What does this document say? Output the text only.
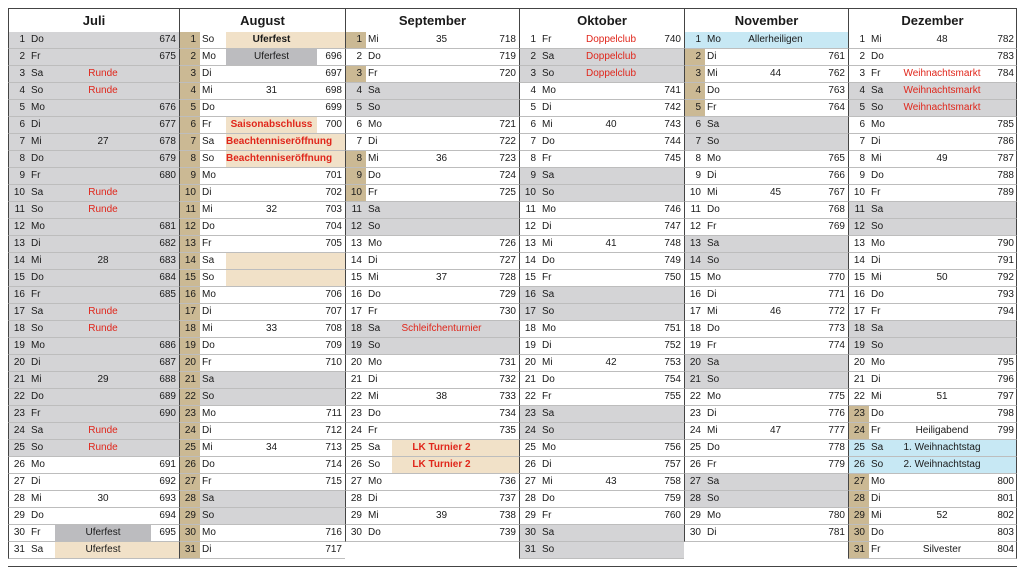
Juli
1 Do	674
2 Fr	675
3 Sa	Runde
4 So	Runde
5 Mo	676
6 Di	677
7 Mi	27	678
8 Do	679
9 Fr	680
10 Sa	Runde
11 So	Runde
12 Mo	681
13 Di	682
14 Mi	28	683
15 Do	684
16 Fr	685
17 Sa	Runde
18 So	Runde
19 Mo	686
20 Di	687
21 Mi	29	688
22 Do	689
23 Fr	690
24 Sa	Runde
25 So	Runde
26 Mo	691
27 Di	692
28 Mi	30	693
29 Do	694
30 Fr	Uferfest	695
31 Sa	Uferfest
August
1 So	Uferfest
2 Mo	Uferfest	696
3 Di	697
4 Mi	31	698
5 Do	699
6 Fr	Saisonabschluss	700
7 Sa	Beachtenniseröffnung
8 So	Beachtenniseröffnung
9 Mo	701
10 Di	702
11 Mi	32	703
12 Do	704
13 Fr	705
14 Sa
15 So
16 Mo	706
17 Di	707
18 Mi	33	708
19 Do	709
20 Fr	710
21 Sa
22 So
23 Mo	711
24 Di	712
25 Mi	34	713
26 Do	714
27 Fr	715
28 Sa
29 So
30 Mo	716
31 Di	717
September
1 Mi	35	718
2 Do	719
3 Fr	720
4 Sa
5 So
6 Mo	721
7 Di	722
8 Mi	36	723
9 Do	724
10 Fr	725
11 Sa
12 So
13 Mo	726
14 Di	727
15 Mi	37	728
16 Do	729
17 Fr	730
18 Sa	Schleifchenturnier
19 So
20 Mo	731
21 Di	732
22 Mi	38	733
23 Do	734
24 Fr	735
25 Sa	LK Turnier 2
26 So	LK Turnier 2
27 Mo	736
28 Di	737
29 Mi	39	738
30 Do	739
Oktober
1 Fr	Doppelclub	740
2 Sa	Doppelclub
3 So	Doppelclub
4 Mo	741
5 Di	742
6 Mi	40	743
7 Do	744
8 Fr	745
9 Sa
10 So
11 Mo	746
12 Di	747
13 Mi	41	748
14 Do	749
15 Fr	750
16 Sa
17 So
18 Mo	751
19 Di	752
20 Mi	42	753
21 Do	754
22 Fr	755
23 Sa
24 So
25 Mo	756
26 Di	757
27 Mi	43	758
28 Do	759
29 Fr	760
30 Sa
31 So
November
1 Mo	Allerheiligen
2 Di	761
3 Mi	44	762
4 Do	763
5 Fr	764
6 Sa
7 So
8 Mo	765
9 Di	766
10 Mi	45	767
11 Do	768
12 Fr	769
13 Sa
14 So
15 Mo	770
16 Di	771
17 Mi	46	772
18 Do	773
19 Fr	774
20 Sa
21 So
22 Mo	775
23 Di	776
24 Mi	47	777
25 Do	778
26 Fr	779
27 Sa
28 So
29 Mo	780
30 Di	781
Dezember
1 Mi	48	782
2 Do	783
3 Fr	Weihnachtsmarkt	784
4 Sa	Weihnachtsmarkt
5 So	Weihnachtsmarkt
6 Mo	785
7 Di	786
8 Mi	49	787
9 Do	788
10 Fr	789
11 Sa
12 So
13 Mo	790
14 Di	791
15 Mi	50	792
16 Do	793
17 Fr	794
18 Sa
19 So
20 Mo	795
21 Di	796
22 Mi	51	797
23 Do	798
24 Fr	Heiligabend	799
25 Sa	1. Weihnachtstag
26 So	2. Weihnachtstag
27 Mo	800
28 Di	801
29 Mi	52	802
30 Do	803
31 Fr	Silvester	804
